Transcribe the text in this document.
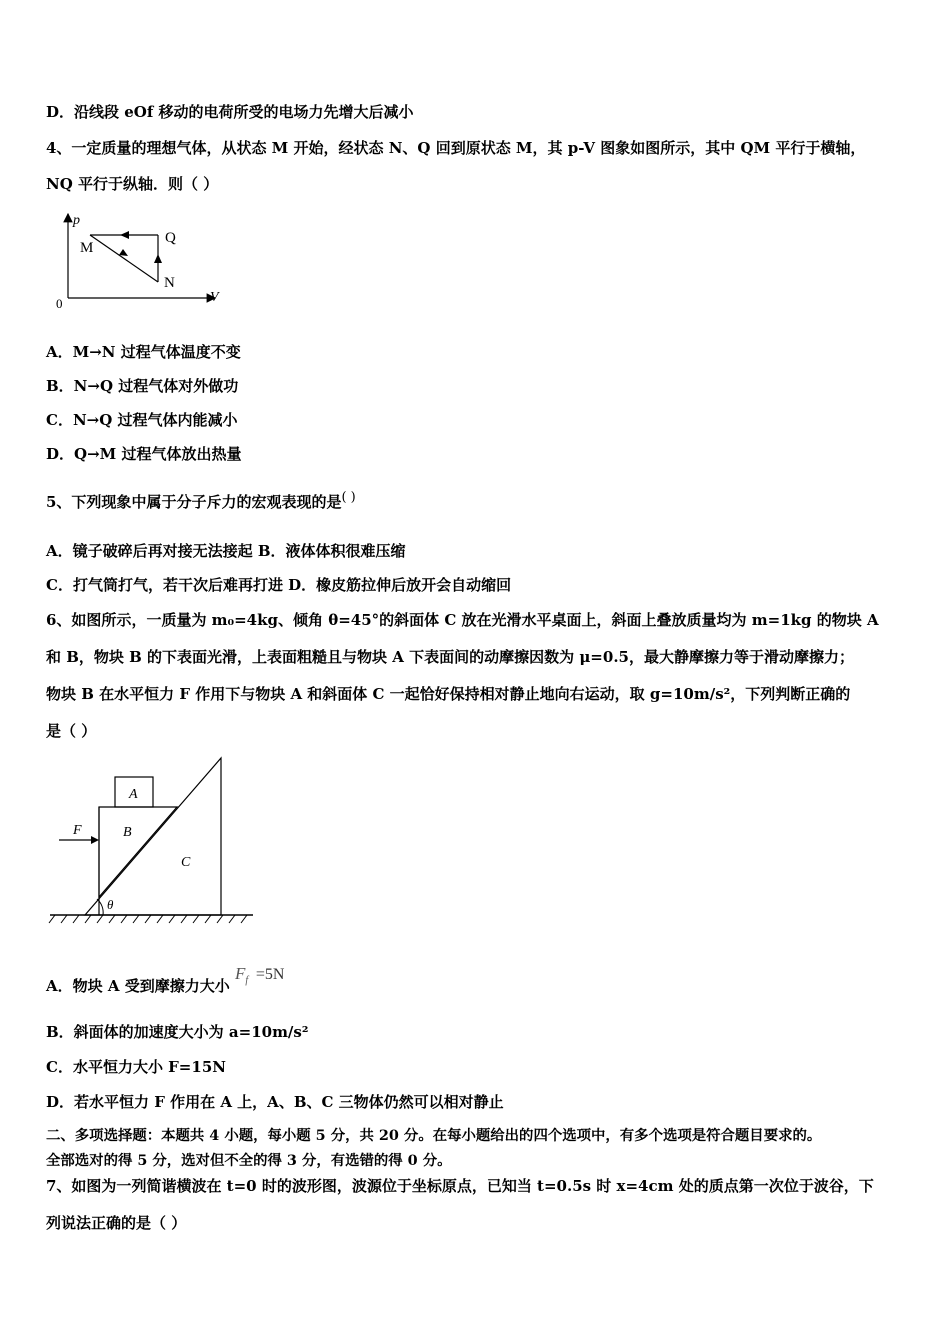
D．沿线段 eOf 移动的电荷所受的电场力先增大后减小
4、一定质量的理想气体，从状态 M 开始，经状态 N、Q 回到原状态 M，其 p-V 图象如图所示，其中 QM 平行于横轴，
NQ 平行于纵轴．则（ ）
p
V
0
M
Q
N
A．M→N 过程气体温度不变
B．N→Q 过程气体对外做功
C．N→Q 过程气体内能减小
D．Q→M 过程气体放出热量
5、下列现象中属于分子斥力的宏观表现的是( )
A．镜子破碎后再对接无法接起 B．液体体积很难压缩
C．打气筒打气，若干次后难再打进 D．橡皮筋拉伸后放开会自动缩回
6、如图所示，一质量为 m₀=4kg、倾角 θ=45°的斜面体 C 放在光滑水平桌面上，斜面上叠放质量均为 m=1kg 的物块 A
和 B，物块 B 的下表面光滑，上表面粗糙且与物块 A 下表面间的动摩擦因数为 μ=0.5，最大静摩擦力等于滑动摩擦力；
物块 B 在水平恒力 F 作用下与物块 A 和斜面体 C 一起恰好保持相对静止地向右运动，取 g=10m/s²，下列判断正确的
是（ ）
A
B
C
F
θ
A．物块 A 受到摩擦力大小 $F_f =5N$
B．斜面体的加速度大小为 a=10m/s²
C．水平恒力大小 F=15N
D．若水平恒力 F 作用在 A 上，A、B、C 三物体仍然可以相对静止
二、多项选择题：本题共 4 小题，每小题 5 分，共 20 分。在每小题给出的四个选项中，有多个选项是符合题目要求的。
全部选对的得 5 分，选对但不全的得 3 分，有选错的得 0 分。
7、如图为一列简谐横波在 t=0 时的波形图，波源位于坐标原点，已知当 t=0.5s 时 x=4cm 处的质点第一次位于波谷，下
列说法正确的是（ ）
